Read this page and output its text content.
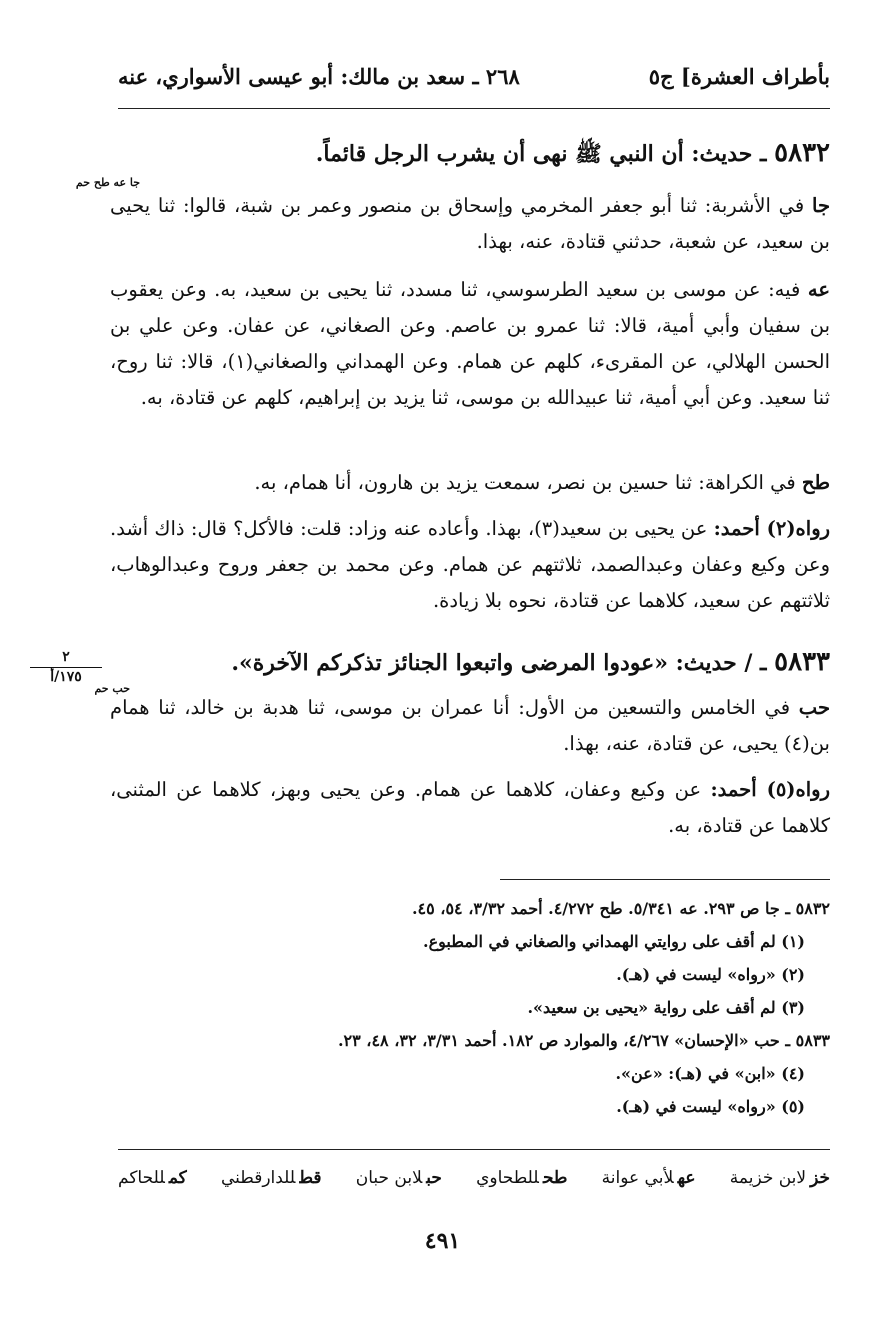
بأطراف العشرة] ج٥
٢٦٨ ـ سعد بن مالك: أبو عيسى الأسواري، عنه
٥٨٣٢ ـ حديث: أن النبي ﷺ نهى أن يشرب الرجل قائماً.
جا عه طح حم

جا في الأشربة: ثنا أبو جعفر المخرمي وإسحاق بن منصور وعمر بن شبة، قالوا: ثنا يحيى بن سعيد، عن شعبة، حدثني قتادة، عنه، بهذا.

عه فيه: عن موسى بن سعيد الطرسوسي، ثنا مسدد، ثنا يحيى بن سعيد، به. وعن يعقوب بن سفيان وأبي أمية، قالا: ثنا عمرو بن عاصم. وعن الصغاني، عن عفان. وعن علي بن الحسن الهلالي، عن المقرىء، كلهم عن همام. وعن الهمداني والصغاني(١)، قالا: ثنا روح، ثنا سعيد. وعن أبي أمية، ثنا عبيدالله بن موسى، ثنا يزيد بن إبراهيم، كلهم عن قتادة، به.

طح في الكراهة: ثنا حسين بن نصر، سمعت يزيد بن هارون، أنا همام، به.

رواه(٢) أحمد: عن يحيى بن سعيد(٣)، بهذا. وأعاده عنه وزاد: قلت: فالأكل؟ قال: ذاك أشد. وعن وكيع وعفان وعبدالصمد، ثلاثتهم عن همام. وعن محمد بن جعفر وروح وعبدالوهاب، ثلاثتهم عن سعيد، كلاهما عن قتادة، نحوه بلا زيادة.

٥٨٣٣ ـ / حديث: «عودوا المرضى واتبعوا الجنائز تذكركم الآخرة».
حب حم
٢
١٧٥/أ

حب في الخامس والتسعين من الأول: أنا عمران بن موسى، ثنا هدبة بن خالد، ثنا همام بن(٤) يحيى، عن قتادة، عنه، بهذا.

رواه(٥) أحمد: عن وكيع وعفان، كلاهما عن همام. وعن يحيى وبهز، كلاهما عن المثنى، كلاهما عن قتادة، به.

٥٨٣٢ ـ جا ص ٢٩٣. عه ٥/٣٤١. طح ٤/٢٧٢. أحمد ٣/٣٢، ٥٤، ٤٥.
(١) لم أقف على روايتي الهمداني والصغاني في المطبوع.
(٢) «رواه» ليست في (هـ).
(٣) لم أقف على رواية «يحيى بن سعيد».
٥٨٣٣ ـ حب «الإحسان» ٤/٢٦٧، والموارد ص ١٨٢. أحمد ٣/٣١، ٣٢، ٤٨، ٢٣.
(٤) «ابن» في (هـ): «عن».
(٥) «رواه» ليست في (هـ).
خزلابن خزيمة
عهلأبي عوانة
طحللطحاوي
حبلابن حبان
قطللدارقطني
كمللحاكم
٤٩١
